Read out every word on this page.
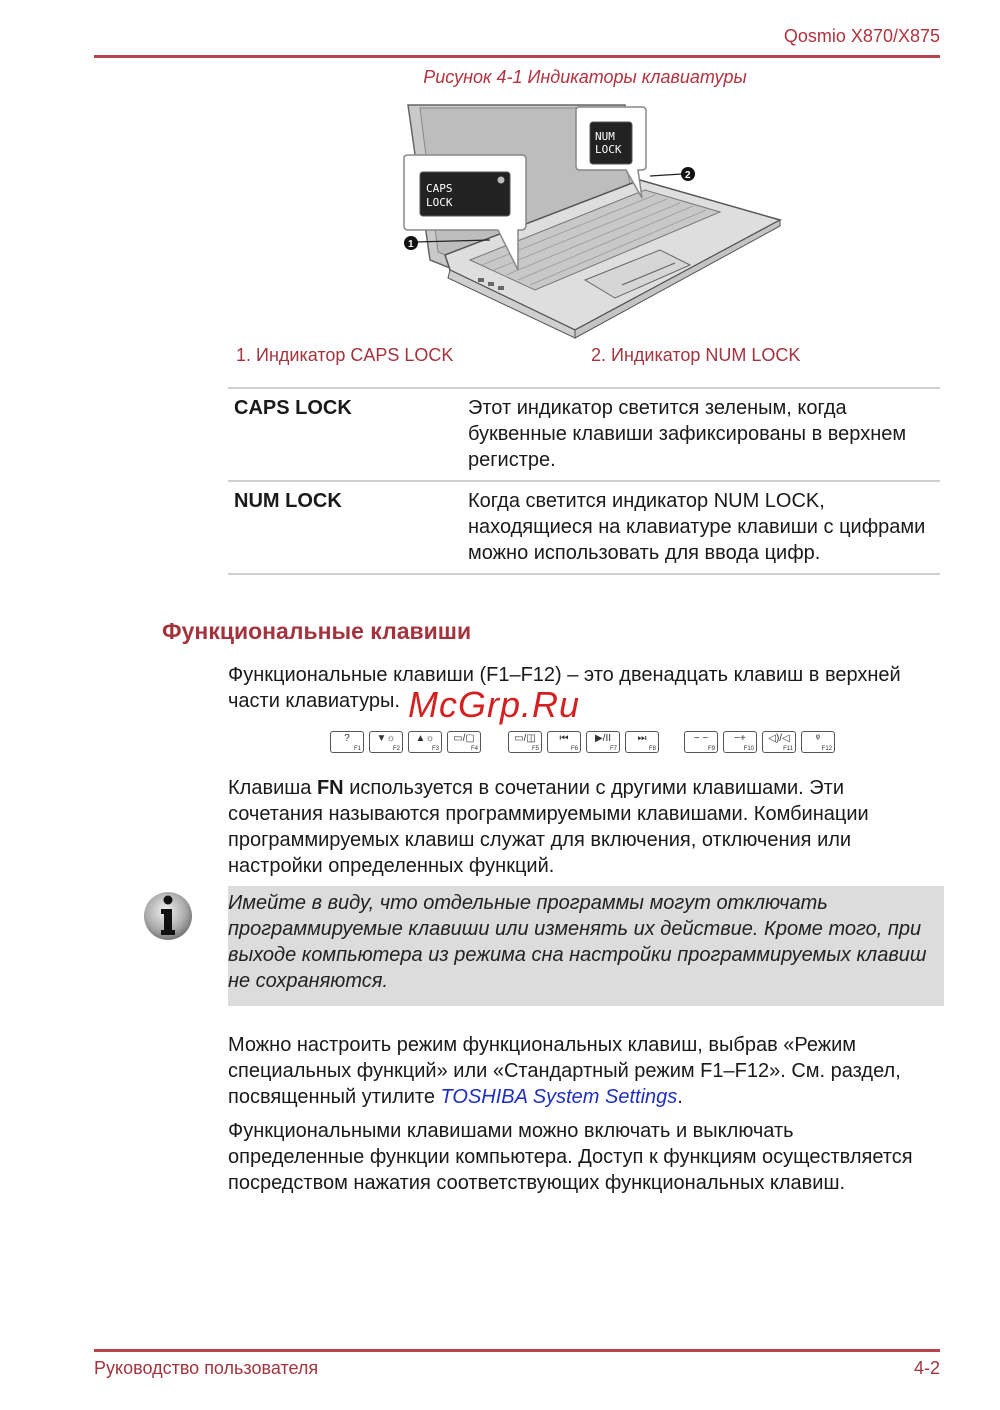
Qosmio X870/X875
Рисунок 4-1 Индикаторы клавиатуры
CAPS
LOCK
NUM
LOCK
1
2
1. Индикатор CAPS LOCK	2. Индикатор NUM LOCK
CAPS LOCK	Этот индикатор светится зеленым, когда буквенные клавиши зафиксированы в верхнем регистре.
NUM LOCK	Когда светится индикатор NUM LOCK, находящиеся на клавиатуре клавиши с цифрами можно использовать для ввода цифр.
Функциональные клавиши
Функциональные клавиши (F1–F12) – это двенадцать клавиш в верхней части клавиатуры.
?
F1
▼☼
F2
▲☼
F3
▭/▢
F4
▭/◫
F5
⏮
F6
▶/II
F7
⏭
F8
− −
F9
−+
F10
◁)/◁
F11
ᵠ
F12
McGrp.Ru
Клавиша FN используется в сочетании с другими клавишами. Эти сочетания называются программируемыми клавишами. Комбинации программируемых клавиш служат для включения, отключения или настройки определенных функций.
Имейте в виду, что отдельные программы могут отключать программируемые клавиши или изменять их действие. Кроме того, при выходе компьютера из режима сна настройки программируемых клавиш не сохраняются.
Можно настроить режим функциональных клавиш, выбрав «Режим специальных функций» или «Стандартный режим F1–F12». См. раздел, посвященный утилите TOSHIBA System Settings.
Функциональными клавишами можно включать и выключать определенные функции компьютера. Доступ к функциям осуществляется посредством нажатия соответствующих функциональных клавиш.
Руководство пользователя	4-2
